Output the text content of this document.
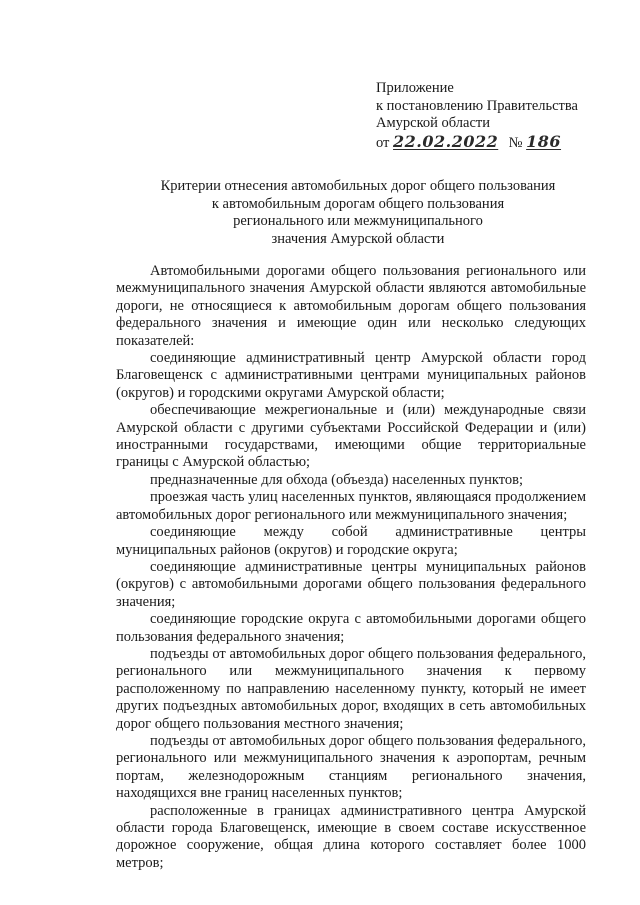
Приложение
к постановлению Правительства
Амурской области
от 22.02.2022 № 186
Критерии отнесения автомобильных дорог общего пользования
к автомобильным дорогам общего пользования
регионального или межмуниципального
значения Амурской области

Автомобильными дорогами общего пользования регионального или межмуниципального значения Амурской области являются автомобильные дороги, не относящиеся к автомобильным дорогам общего пользования федерального значения и имеющие один или несколько следующих показателей:

соединяющие административный центр Амурской области город Благовещенск с административными центрами муниципальных районов (округов) и городскими округами Амурской области;

обеспечивающие межрегиональные и (или) международные связи Амурской области с другими субъектами Российской Федерации и (или) иностранными государствами, имеющими общие территориальные границы с Амурской областью;

предназначенные для обхода (объезда) населенных пунктов;

проезжая часть улиц населенных пунктов, являющаяся продолжением автомобильных дорог регионального или межмуниципального значения;

соединяющие между собой административные центры муниципальных районов (округов) и городские округа;

соединяющие административные центры муниципальных районов (округов) с автомобильными дорогами общего пользования федерального значения;

соединяющие городские округа с автомобильными дорогами общего пользования федерального значения;

подъезды от автомобильных дорог общего пользования федерального, регионального или межмуниципального значения к первому расположенному по направлению населенному пункту, который не имеет других подъездных автомобильных дорог, входящих в сеть автомобильных дорог общего пользования местного значения;

подъезды от автомобильных дорог общего пользования федерального, регионального или межмуниципального значения к аэропортам, речным портам, железнодорожным станциям регионального значения, находящихся вне границ населенных пунктов;

расположенные в границах административного центра Амурской области города Благовещенск, имеющие в своем составе искусственное дорожное сооружение, общая длина которого составляет более 1000 метров;
